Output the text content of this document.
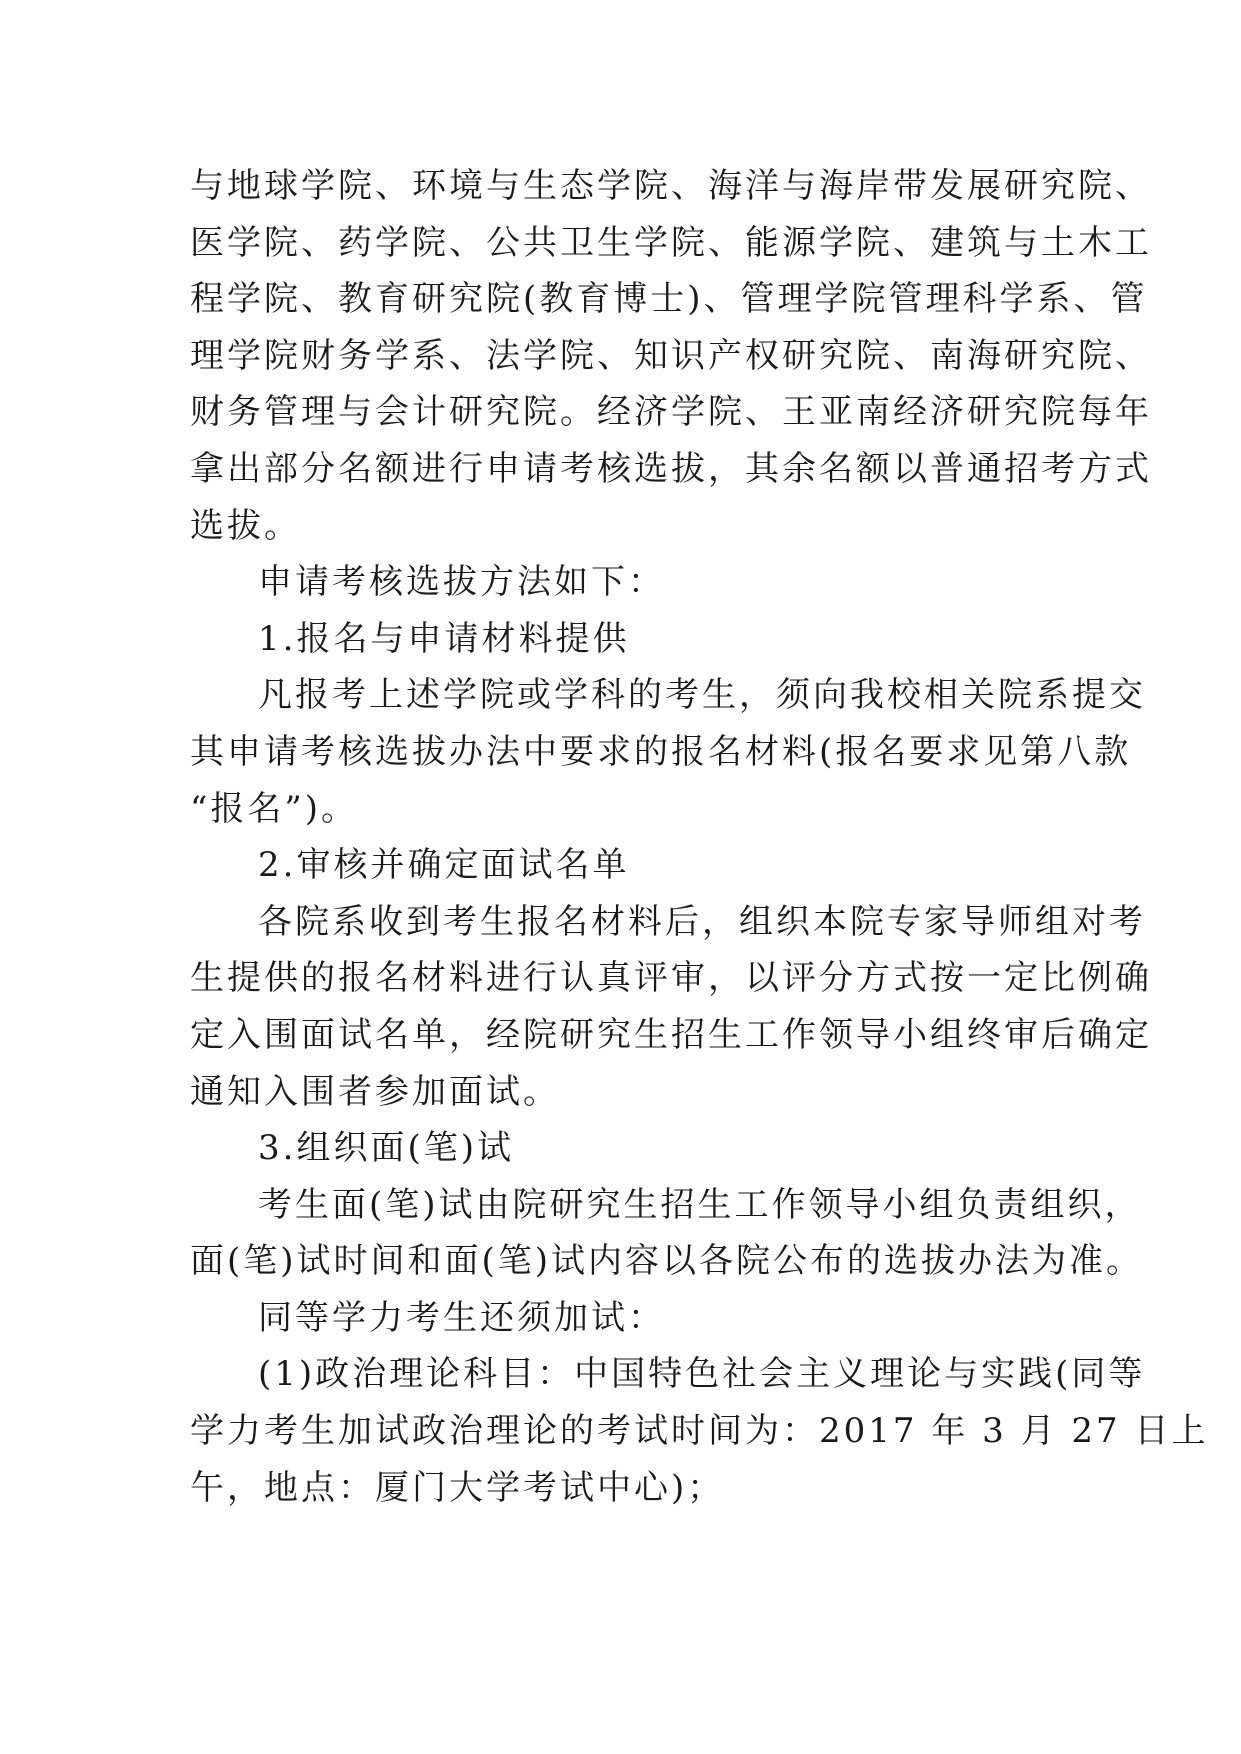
与地球学院、环境与生态学院、海洋与海岸带发展研究院、
医学院、药学院、公共卫生学院、能源学院、建筑与土木工
程学院、教育研究院(教育博士)、管理学院管理科学系、管
理学院财务学系、法学院、知识产权研究院、南海研究院、
财务管理与会计研究院。经济学院、王亚南经济研究院每年
拿出部分名额进行申请考核选拔，其余名额以普通招考方式
选拔。
申请考核选拔方法如下：
1.报名与申请材料提供
凡报考上述学院或学科的考生，须向我校相关院系提交
其申请考核选拔办法中要求的报名材料(报名要求见第八款
“报名”)。
2.审核并确定面试名单
各院系收到考生报名材料后，组织本院专家导师组对考
生提供的报名材料进行认真评审，以评分方式按一定比例确
定入围面试名单，经院研究生招生工作领导小组终审后确定
通知入围者参加面试。
3.组织面(笔)试
考生面(笔)试由院研究生招生工作领导小组负责组织，
面(笔)试时间和面(笔)试内容以各院公布的选拔办法为准。
同等学力考生还须加试：
(1)政治理论科目：中国特色社会主义理论与实践(同等
学力考生加试政治理论的考试时间为：2017 年 3 月 27 日上
午，地点：厦门大学考试中心)；
